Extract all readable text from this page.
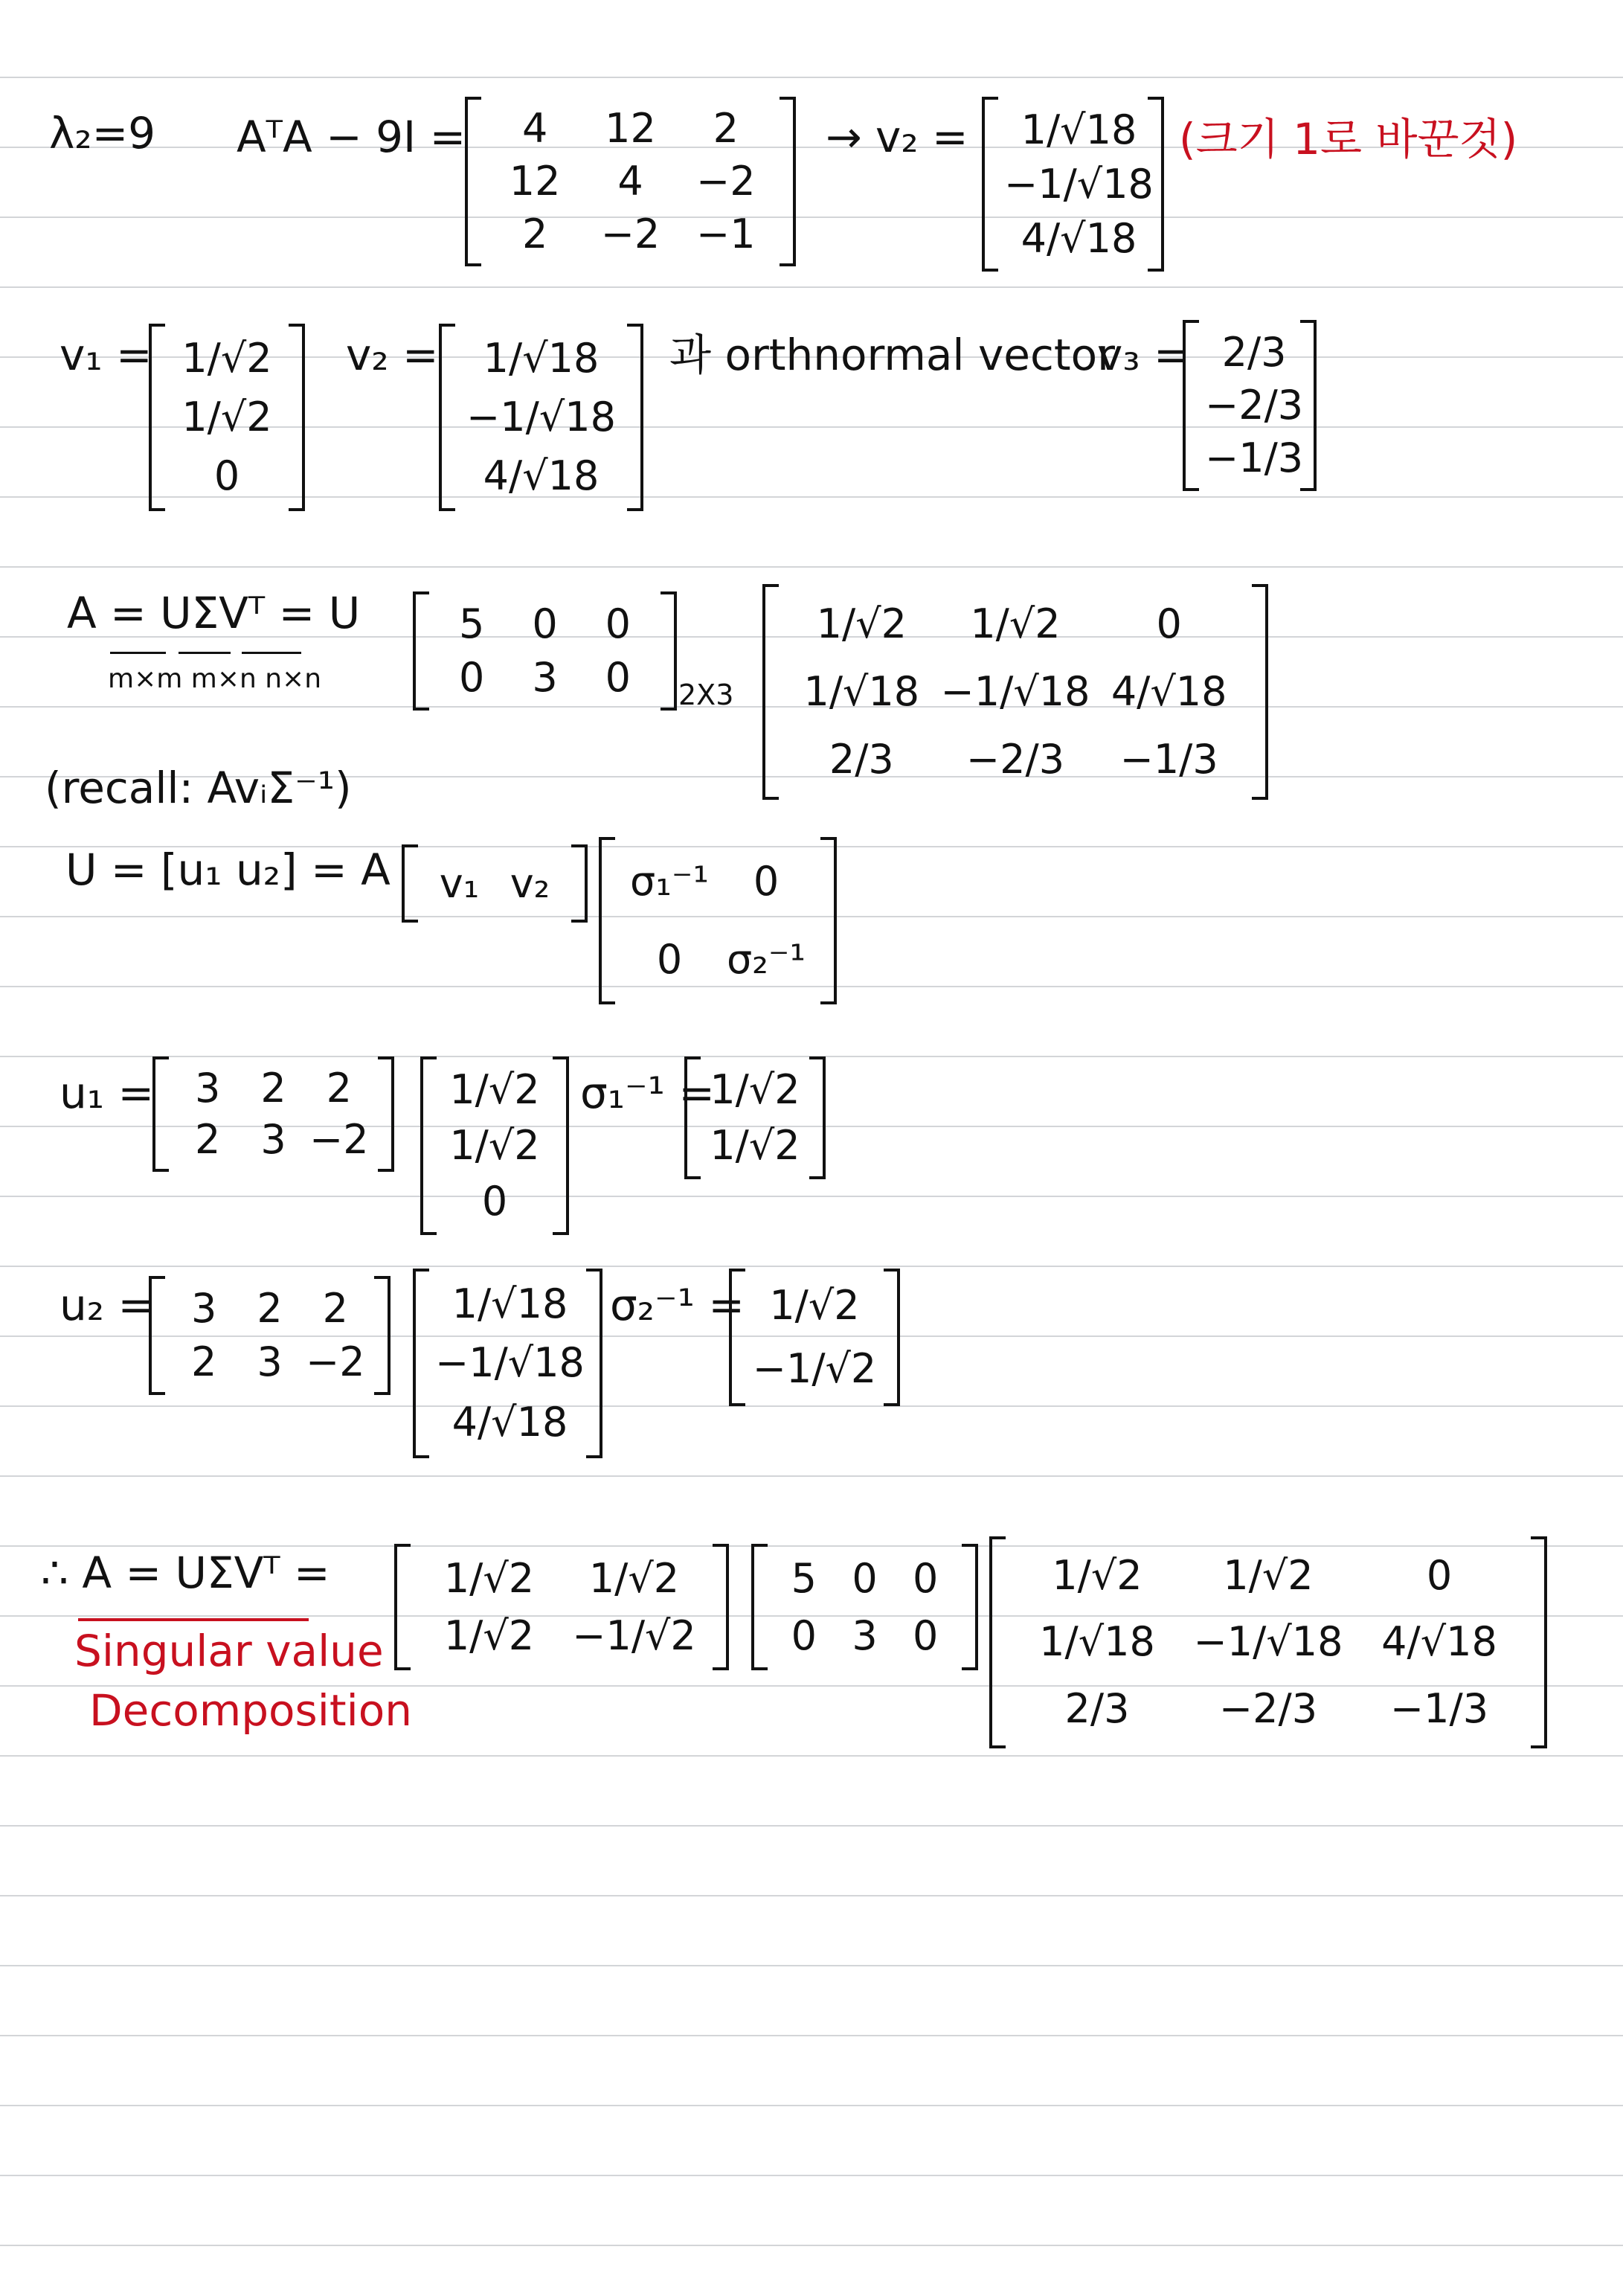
λ₂=9 AᵀA − 9I =	4	12	2
12	4	−2
2	−2 −1
→ v₂ =	1/√18
−1/√18
4/√18
(크기 1로 바꾼것)
v₁ = 1/√2
1/√2
0
v₂ =	1/√18
−1/√18
4/√18
과 orthnormal vector
v₃ = 2/3
−2/3
−1/3
A = UΣVᵀ = U
m×m m×n n×n
5	0	0
0	3	0	2X3
1/√2	1/√2	0
1/√18 −1/√18 4/√18
2/3	−2/3	−1/3
(recall: AvᵢΣ⁻¹)
U = [u₁ u₂] = A	v₁ v₂	σ₁⁻¹	0
0	σ₂⁻¹
u₁ =	3 2 2
2 3 −2
1/√2
1/√2
0
σ₁⁻¹ =
1/√2
1/√2
u₂ = 3 2 2
2 3 −2
1/√18
−1/√18
4/√18
σ₂⁻¹ = 1/√2
−1/√2
∴ A = UΣVᵀ =	1/√2	1/√2
1/√2 −1/√2
5 0 0
0 3 0
1/√2	1/√2	0
1/√18 −1/√18 4/√18
2/3	−2/3	−1/3
Singular value
Decomposition
